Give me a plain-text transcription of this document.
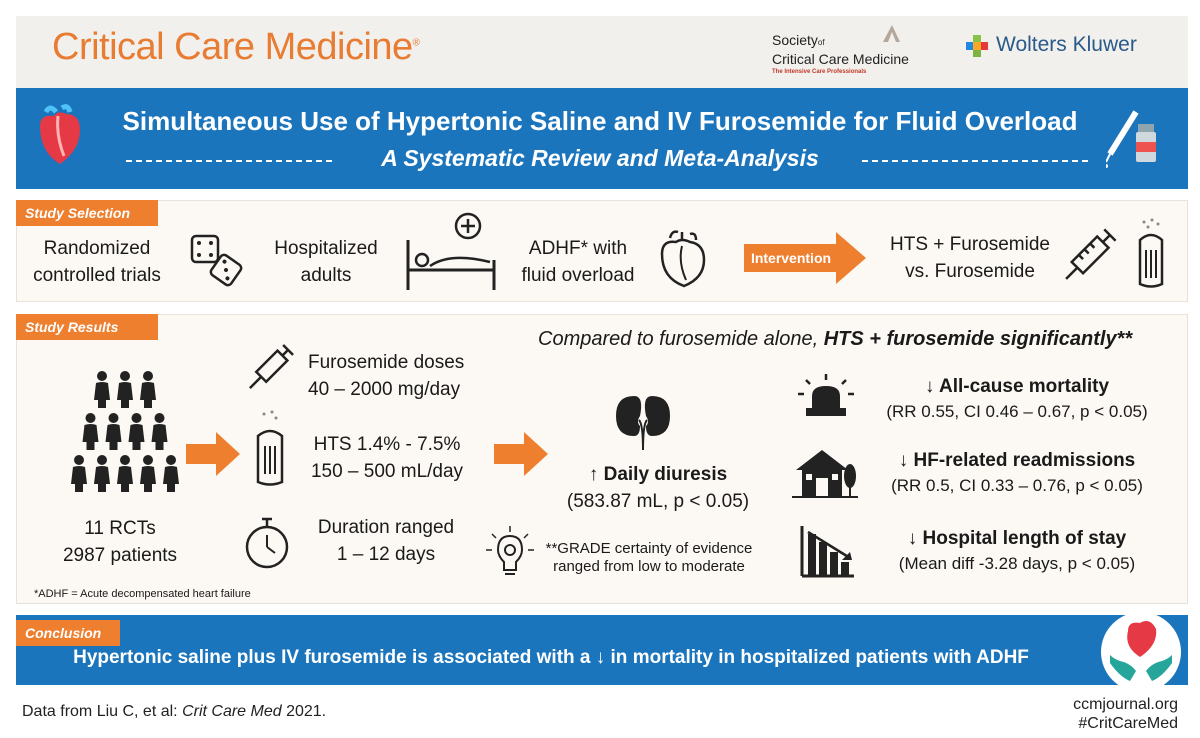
Critical Care Medicine®	Societyof
Critical Care Medicine
The Intensive Care Professionals
Wolters Kluwer
Simultaneous Use of Hypertonic Saline and IV Furosemide for Fluid Overload
A Systematic Review and Meta-Analysis
Study Selection
Randomized
controlled trials
Hospitalized
adults
ADHF* with
fluid overload
Intervention
HTS + Furosemide
vs. Furosemide
Study Results
Compared to furosemide alone, HTS + furosemide significantly**
11 RCTs
2987 patients
Furosemide doses
40 – 2000 mg/day
HTS 1.4% - 7.5%
150 – 500 mL/day
Duration ranged
1 – 12 days
↑ Daily diuresis
(583.87 mL, p < 0.05)
**GRADE certainty of evidence
ranged from low to moderate
↓ All-cause mortality
(RR 0.55, CI 0.46 – 0.67, p < 0.05)
↓ HF-related readmissions
(RR 0.5, CI 0.33 – 0.76, p < 0.05)
↓ Hospital length of stay
(Mean diff -3.28 days, p < 0.05)
*ADHF = Acute decompensated heart failure
Conclusion
Hypertonic saline plus IV furosemide is associated with a ↓ in mortality in hospitalized patients with ADHF
Data from Liu C, et al: Crit Care Med 2021.	ccmjournal.org
#CritCareMed
